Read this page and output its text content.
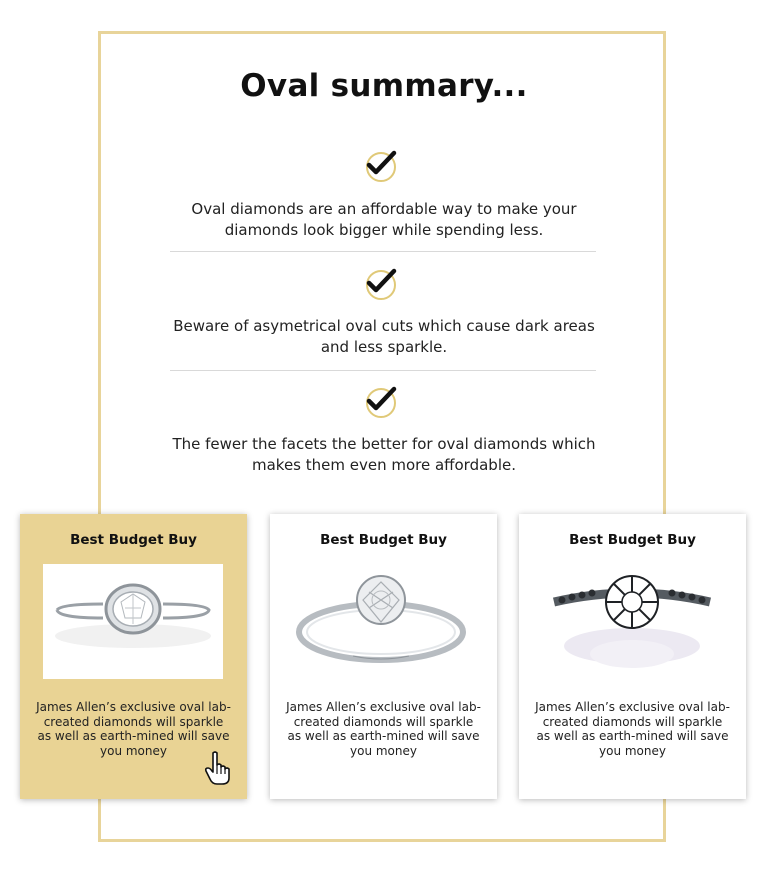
Oval summary...
Oval diamonds are an affordable way to make your diamonds look bigger while spending less.
Beware of asymetrical oval cuts which cause dark areas and less sparkle.
The fewer the facets the better for oval diamonds which makes them even more affordable.
Best Budget Buy
James Allen’s exclusive oval lab-created diamonds will sparkle as well as earth-mined will save you money
Best Budget Buy
James Allen’s exclusive oval lab-created diamonds will sparkle as well as earth-mined will save you money
Best Budget Buy
James Allen’s exclusive oval lab-created diamonds will sparkle as well as earth-mined will save you money
